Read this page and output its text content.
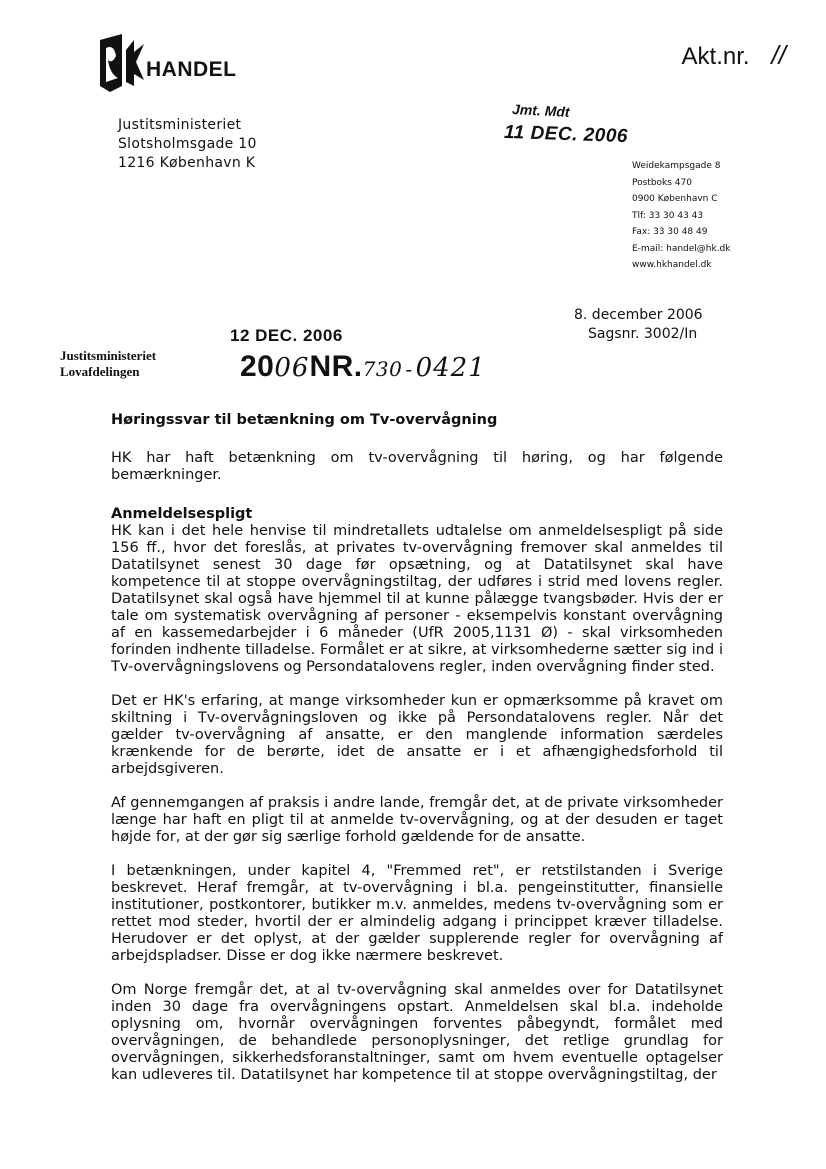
HANDEL	Akt.nr. //
Justitsministeriet
Slotsholmsgade 10
1216 København K
Jmt. Mdt
11 DEC. 2006
Weidekampsgade 8
Postboks 470
0900 København C
Tlf: 33 30 43 43
Fax: 33 30 48 49
E-mail: handel@hk.dk
www.hkhandel.dk
8. december 2006
Sagsnr. 3002/In
12 DEC. 2006
Justitsministeriet
Lovafdelingen	20 06 NR. 730 - 0421
Høringssvar til betænkning om Tv-overvågning

HK har haft betænkning om tv-overvågning til høring, og har følgende bemærkninger.

Anmeldelsespligt

HK kan i det hele henvise til mindretallets udtalelse om anmeldelsespligt på side 156 ff., hvor det foreslås, at privates tv-overvågning fremover skal anmeldes til Datatilsynet senest 30 dage før opsætning, og at Datatilsynet skal have kompetence til at stoppe overvågningstiltag, der udføres i strid med lovens regler. Datatilsynet skal også have hjemmel til at kunne pålægge tvangsbøder. Hvis der er tale om systematisk overvågning af personer - eksempelvis konstant overvågning af en kassemedarbejder i 6 måneder (UfR 2005,1131 Ø) - skal virksomheden forinden indhente tilladelse. Formålet er at sikre, at virksomhederne sætter sig ind i Tv-overvågningslovens og Persondatalovens regler, inden overvågning finder sted.

Det er HK's erfaring, at mange virksomheder kun er opmærksomme på kravet om skiltning i Tv-overvågningsloven og ikke på Persondatalovens regler. Når det gælder tv-overvågning af ansatte, er den manglende information særdeles krænkende for de berørte, idet de ansatte er i et afhængighedsforhold til arbejdsgiveren.

Af gennemgangen af praksis i andre lande, fremgår det, at de private virksomheder længe har haft en pligt til at anmelde tv-overvågning, og at der desuden er taget højde for, at der gør sig særlige forhold gældende for de ansatte.

I betænkningen, under kapitel 4, "Fremmed ret", er retstilstanden i Sverige beskrevet. Heraf fremgår, at tv-overvågning i bl.a. pengeinstitutter, finansielle institutioner, postkontorer, butikker m.v. anmeldes, medens tv-overvågning som er rettet mod steder, hvortil der er almindelig adgang i princippet kræver tilladelse. Herudover er det oplyst, at der gælder supplerende regler for overvågning af arbejdspladser. Disse er dog ikke nærmere beskrevet.

Om Norge fremgår det, at al tv-overvågning skal anmeldes over for Datatilsynet inden 30 dage fra overvågningens opstart. Anmeldelsen skal bl.a. indeholde oplysning om, hvornår overvågningen forventes påbegyndt, formålet med overvågningen, de behandlede personoplysninger, det retlige grundlag for overvågningen, sikkerhedsforanstaltninger, samt om hvem eventuelle optagelser kan udleveres til. Datatilsynet har kompetence til at stoppe overvågningstiltag, der
